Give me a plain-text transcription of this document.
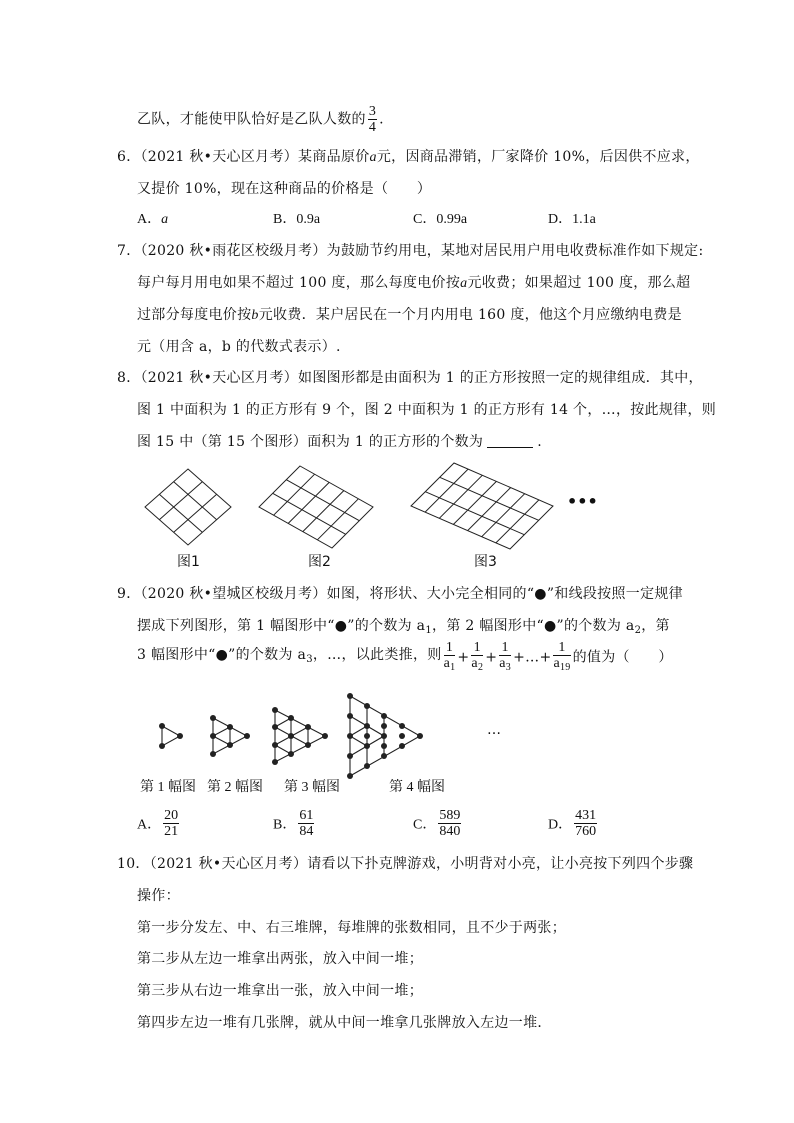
乙队，才能使甲队恰好是乙队人数的 $\frac{3}{4}$ .
6．（2021 秋•天心区月考）某商品原价a元，因商品滞销，厂家降价 10%，后因供不应求，
又提价 10%，现在这种商品的价格是（　　）
A．a	B．0.9a	C．0.99a	D．1.1a
7．（2020 秋•雨花区校级月考）为鼓励节约用电，某地对居民用户用电收费标准作如下规定:
每户每月用电如果不超过 100 度，那么每度电价按a元收费；如果超过 100 度，那么超
过部分每度电价按b元收费．某户居民在一个月内用电 160 度，他这个月应缴纳电费是
元（用含 a，b 的代数式表示）.
8．（2021 秋•天心区月考）如图图形都是由面积为 1 的正方形按照一定的规律组成．其中，
图 1 中面积为 1 的正方形有 9 个，图 2 中面积为 1 的正方形有 14 个，…，按此规律，则
图 15 中（第 15 个图形）面积为 1 的正方形的个数为	.
•••
图1	图2	图3
9．（2020 秋•望城区校级月考）如图，将形状、大小完全相同的“●”和线段按照一定规律
摆成下列图形，第 1 幅图形中“●”的个数为 $a_1$，第 2 幅图形中“●”的个数为 $a_2$，第
3 幅图形中“●”的个数为 $a_3$，…，以此类推，则 $\frac{1}{a_1} + \frac{1}{a_2} + \frac{1}{a_3}$ +…+ $\frac{1}{a_{19}}$ 的值为（　　）
…
第 1 幅图 第 2 幅图 第 3 幅图	第 4 幅图
A． $\frac{20}{21}$	B． $\frac{61}{84}$	C． $\frac{589}{840}$	D． $\frac{431}{760}$
10．（2021 秋•天心区月考）请看以下扑克牌游戏，小明背对小亮，让小亮按下列四个步骤
操作：
第一步分发左、中、右三堆牌，每堆牌的张数相同，且不少于两张；
第二步从左边一堆拿出两张，放入中间一堆；
第三步从右边一堆拿出一张，放入中间一堆；
第四步左边一堆有几张牌，就从中间一堆拿几张牌放入左边一堆．
